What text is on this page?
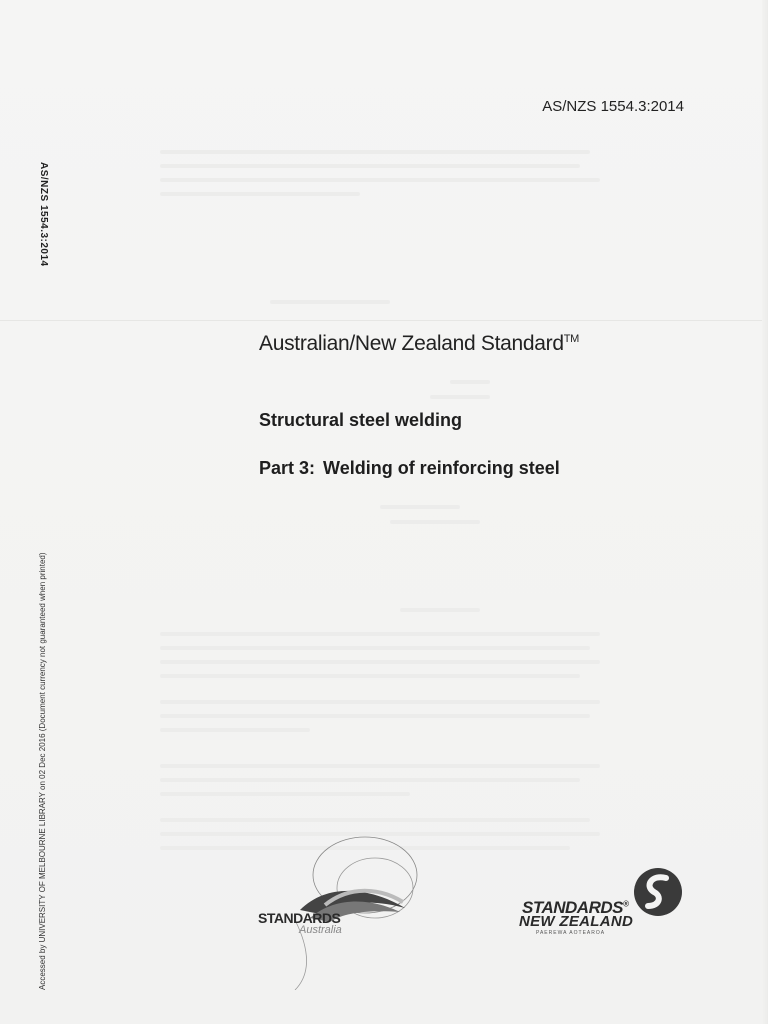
AS/NZS 1554.3:2014
AS/NZS 1554.3:2014
Accessed by UNIVERSITY OF MELBOURNE LIBRARY on 02 Dec 2016 (Document currency not guaranteed when printed)
Australian/New Zealand Standard™
Structural steel welding
Part 3: Welding of reinforcing steel
STANDARDS
Australia
STANDARDS®
NEW ZEALAND
PAEREWA AOTEAROA
